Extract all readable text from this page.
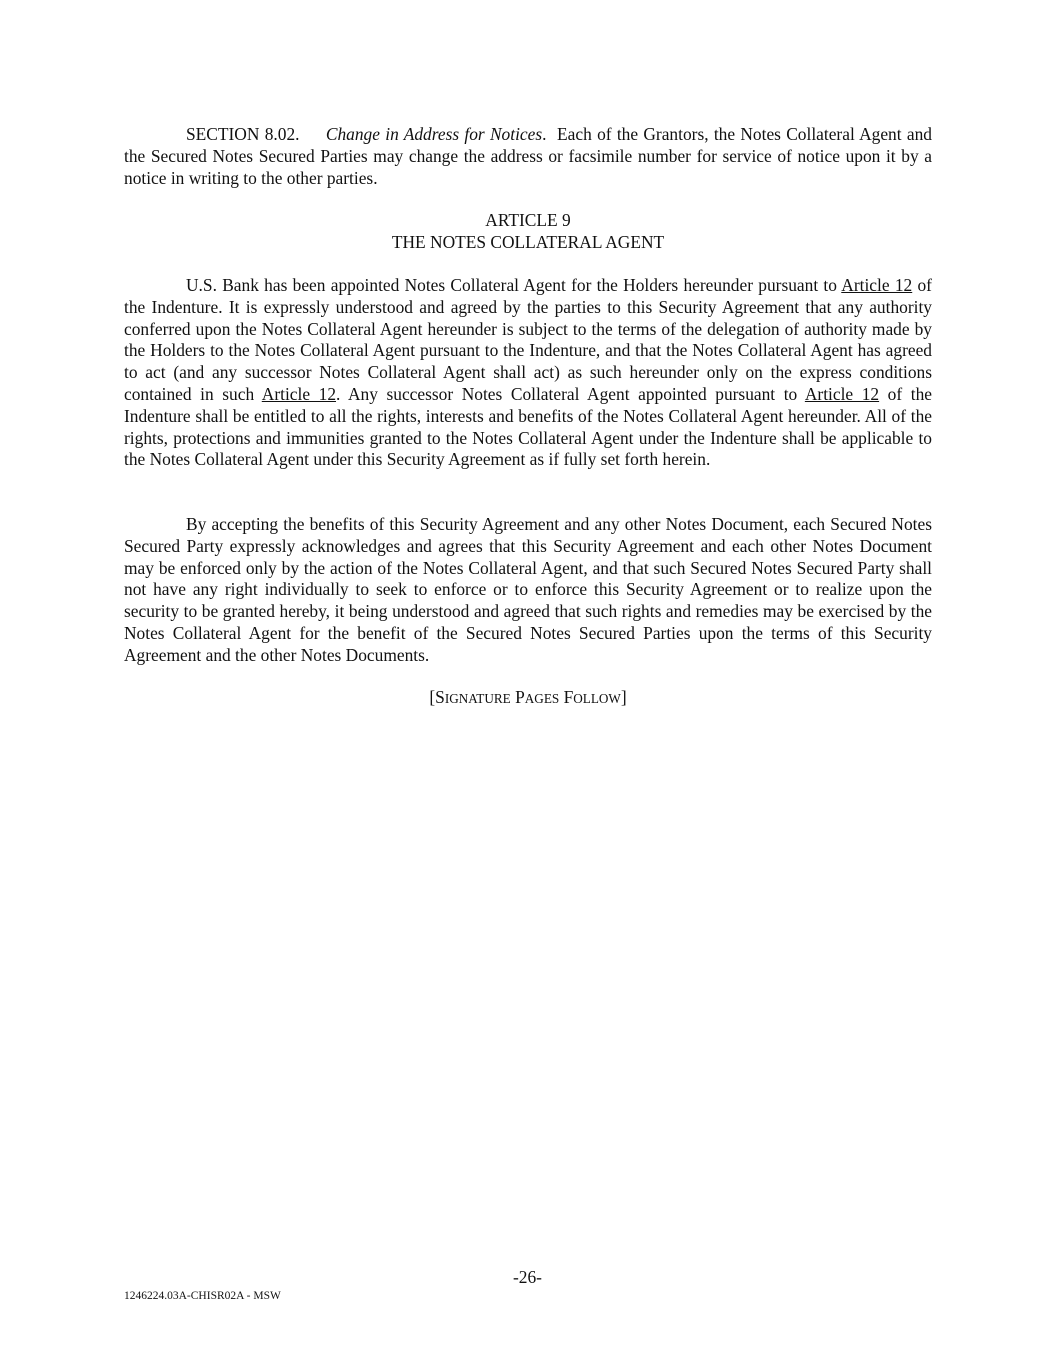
SECTION 8.02. Change in Address for Notices. Each of the Grantors, the Notes Collateral Agent and the Secured Notes Secured Parties may change the address or facsimile number for service of notice upon it by a notice in writing to the other parties.

ARTICLE 9

THE NOTES COLLATERAL AGENT

U.S. Bank has been appointed Notes Collateral Agent for the Holders hereunder pursuant to Article 12 of the Indenture. It is expressly understood and agreed by the parties to this Security Agreement that any authority conferred upon the Notes Collateral Agent hereunder is subject to the terms of the delegation of authority made by the Holders to the Notes Collateral Agent pursuant to the Indenture, and that the Notes Collateral Agent has agreed to act (and any successor Notes Collateral Agent shall act) as such hereunder only on the express conditions contained in such Article 12. Any successor Notes Collateral Agent appointed pursuant to Article 12 of the Indenture shall be entitled to all the rights, interests and benefits of the Notes Collateral Agent hereunder. All of the rights, protections and immunities granted to the Notes Collateral Agent under the Indenture shall be applicable to the Notes Collateral Agent under this Security Agreement as if fully set forth herein.

By accepting the benefits of this Security Agreement and any other Notes Document, each Secured Notes Secured Party expressly acknowledges and agrees that this Security Agreement and each other Notes Document may be enforced only by the action of the Notes Collateral Agent, and that such Secured Notes Secured Party shall not have any right individually to seek to enforce or to enforce this Security Agreement or to realize upon the security to be granted hereby, it being understood and agreed that such rights and remedies may be exercised by the Notes Collateral Agent for the benefit of the Secured Notes Secured Parties upon the terms of this Security Agreement and the other Notes Documents.

[SIGNATURE PAGES FOLLOW]

-26-
1246224.03A-CHISR02A - MSW
